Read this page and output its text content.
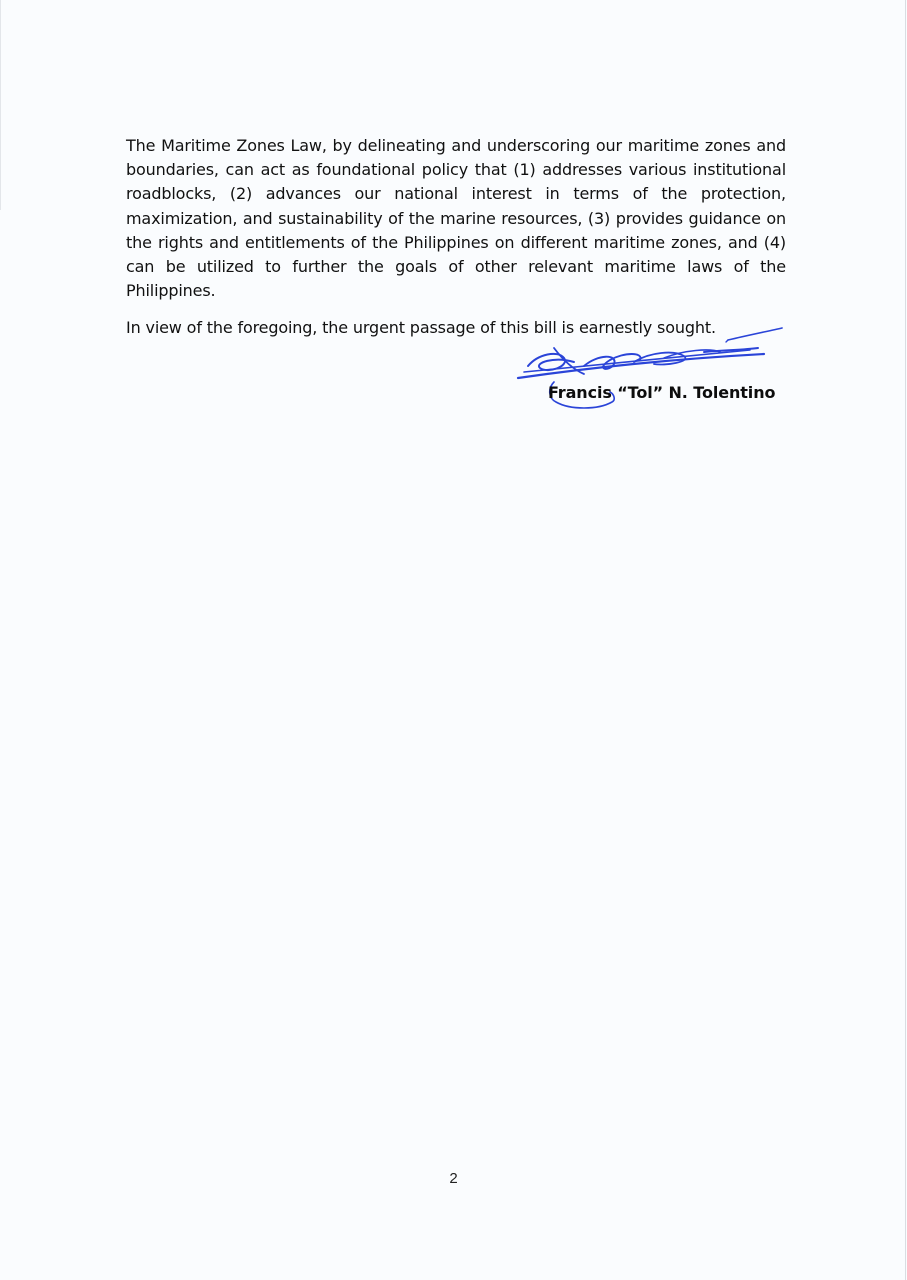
The Maritime Zones Law, by delineating and underscoring our maritime zones and boundaries, can act as foundational policy that (1) addresses various institutional roadblocks, (2) advances our national interest in terms of the protection, maximization, and sustainability of the marine resources, (3) provides guidance on the rights and entitlements of the Philippines on different maritime zones, and (4) can be utilized to further the goals of other relevant maritime laws of the Philippines.

In view of the foregoing, the urgent passage of this bill is earnestly sought.

Francis “Tol” N. Tolentino
2
